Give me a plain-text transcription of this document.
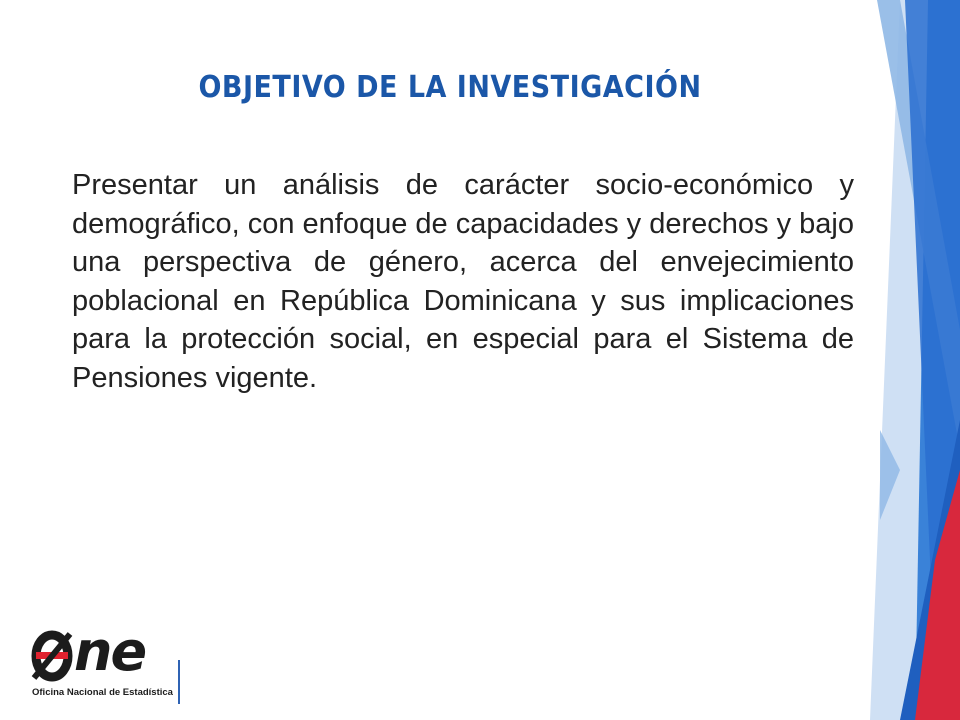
OBJETIVO DE LA INVESTIGACIÓN

Presentar un análisis de carácter socio-económico y demográfico, con enfoque de capacidades y derechos y bajo una perspectiva de género, acerca del envejecimiento poblacional en República Dominicana y sus implicaciones para la protección social, en especial para el Sistema de Pensiones vigente.

ne
Oficina Nacional de Estadística
